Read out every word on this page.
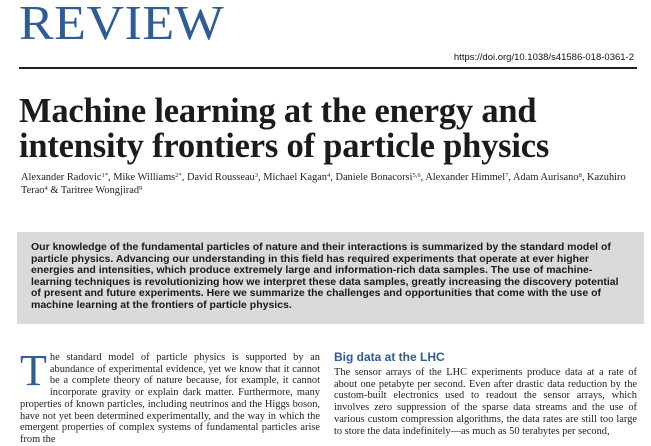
REVIEW
https://doi.org/10.1038/s41586-018-0361-2
Machine learning at the energy and intensity frontiers of particle physics
Alexander Radovic$^{1*}$, Mike Williams$^{2*}$, David Rousseau$^3$, Michael Kagan$^4$, Daniele Bonacorsi$^{5,6}$, Alexander Himmel$^7$, Adam Aurisano$^8$, Kazuhiro Terao$^4$ & Taritree Wongjirad$^9$
Our knowledge of the fundamental particles of nature and their interactions is summarized by the standard model of particle physics. Advancing our understanding in this field has required experiments that operate at ever higher energies and intensities, which produce extremely large and information-rich data samples. The use of machine-learning techniques is revolutionizing how we interpret these data samples, greatly increasing the discovery potential of present and future experiments. Here we summarize the challenges and opportunities that come with the use of machine learning at the frontiers of particle physics.
T he standard model of particle physics is supported by an abundance of experimental evidence, yet we know that it cannot be a complete theory of nature because, for example, it cannot incorporate gravity or explain dark matter. Furthermore, many properties of known particles, including neutrinos and the Higgs boson, have not yet been determined experimentally, and the way in which the emergent properties of complex systems of fundamental particles arise from the
Big data at the LHC
The sensor arrays of the LHC experiments produce data at a rate of about one petabyte per second. Even after drastic data reduction by the custom-built electronics used to readout the sensor arrays, which involves zero suppression of the sparse data streams and the use of various custom compression algorithms, the data rates are still too large to store the data indefinitely—as much as 50 terabytes per second,
